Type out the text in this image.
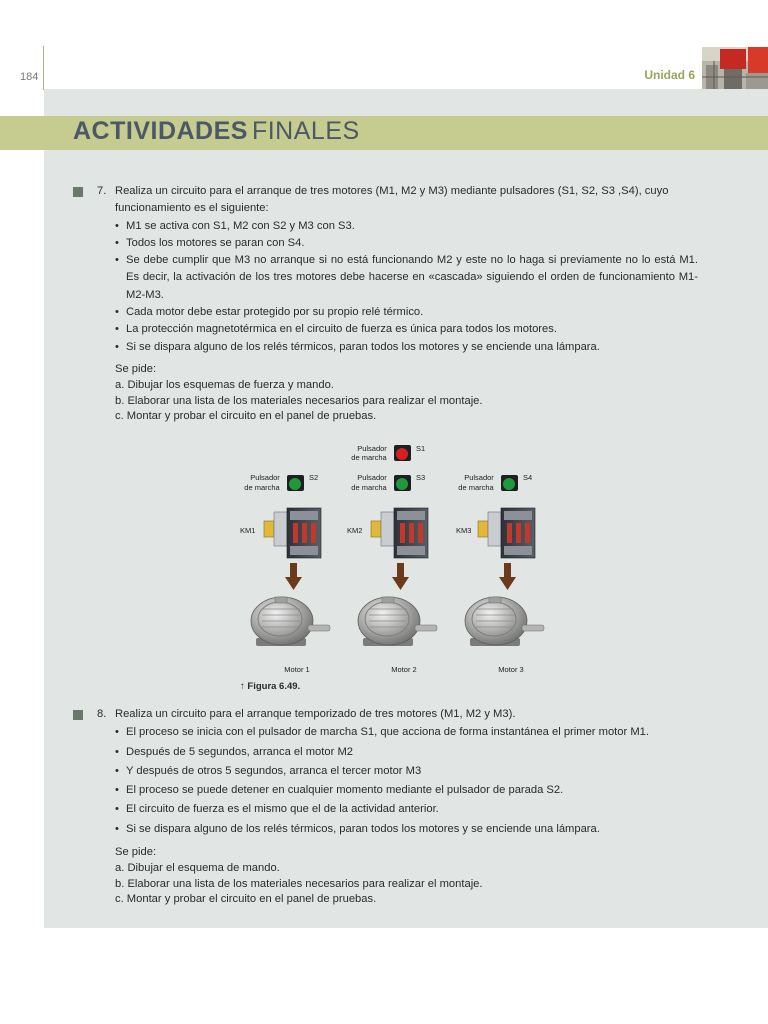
184	Unidad 6
ACTIVIDADES FINALES
7. Realiza un circuito para el arranque de tres motores (M1, M2 y M3) mediante pulsadores (S1, S2, S3 ,S4), cuyo funcionamiento es el siguiente:
• M1 se activa con S1, M2 con S2 y M3 con S3.
• Todos los motores se paran con S4.
• Se debe cumplir que M3 no arranque si no está funcionando M2 y este no lo haga si previamente no lo está M1. Es decir, la activación de los tres motores debe hacerse en «cascada» siguiendo el orden de funcionamiento M1-M2-M3.
• Cada motor debe estar protegido por su propio relé térmico.
• La protección magnetotérmica en el circuito de fuerza es única para todos los motores.
• Si se dispara alguno de los relés térmicos, paran todos los motores y se enciende una lámpara.
Se pide:
a. Dibujar los esquemas de fuerza y mando.
b. Elaborar una lista de los materiales necesarios para realizar el montaje.
c. Montar y probar el circuito en el panel de pruebas.
Pulsador
de marcha
S1
Pulsador
de marcha
S2	Pulsador
de marcha
S3	Pulsador
de marcha
S4
KM1	KM2	KM3
Motor 1	Motor 2	Motor 3
↑ Figura 6.49.
8. Realiza un circuito para el arranque temporizado de tres motores (M1, M2 y M3).
• El proceso se inicia con el pulsador de marcha S1, que acciona de forma instantánea el primer motor M1.
• Después de 5 segundos, arranca el motor M2
• Y después de otros 5 segundos, arranca el tercer motor M3
• El proceso se puede detener en cualquier momento mediante el pulsador de parada S2.
• El circuito de fuerza es el mismo que el de la actividad anterior.
• Si se dispara alguno de los relés térmicos, paran todos los motores y se enciende una lámpara.
Se pide:
a. Dibujar el esquema de mando.
b. Elaborar una lista de los materiales necesarios para realizar el montaje.
c. Montar y probar el circuito en el panel de pruebas.
